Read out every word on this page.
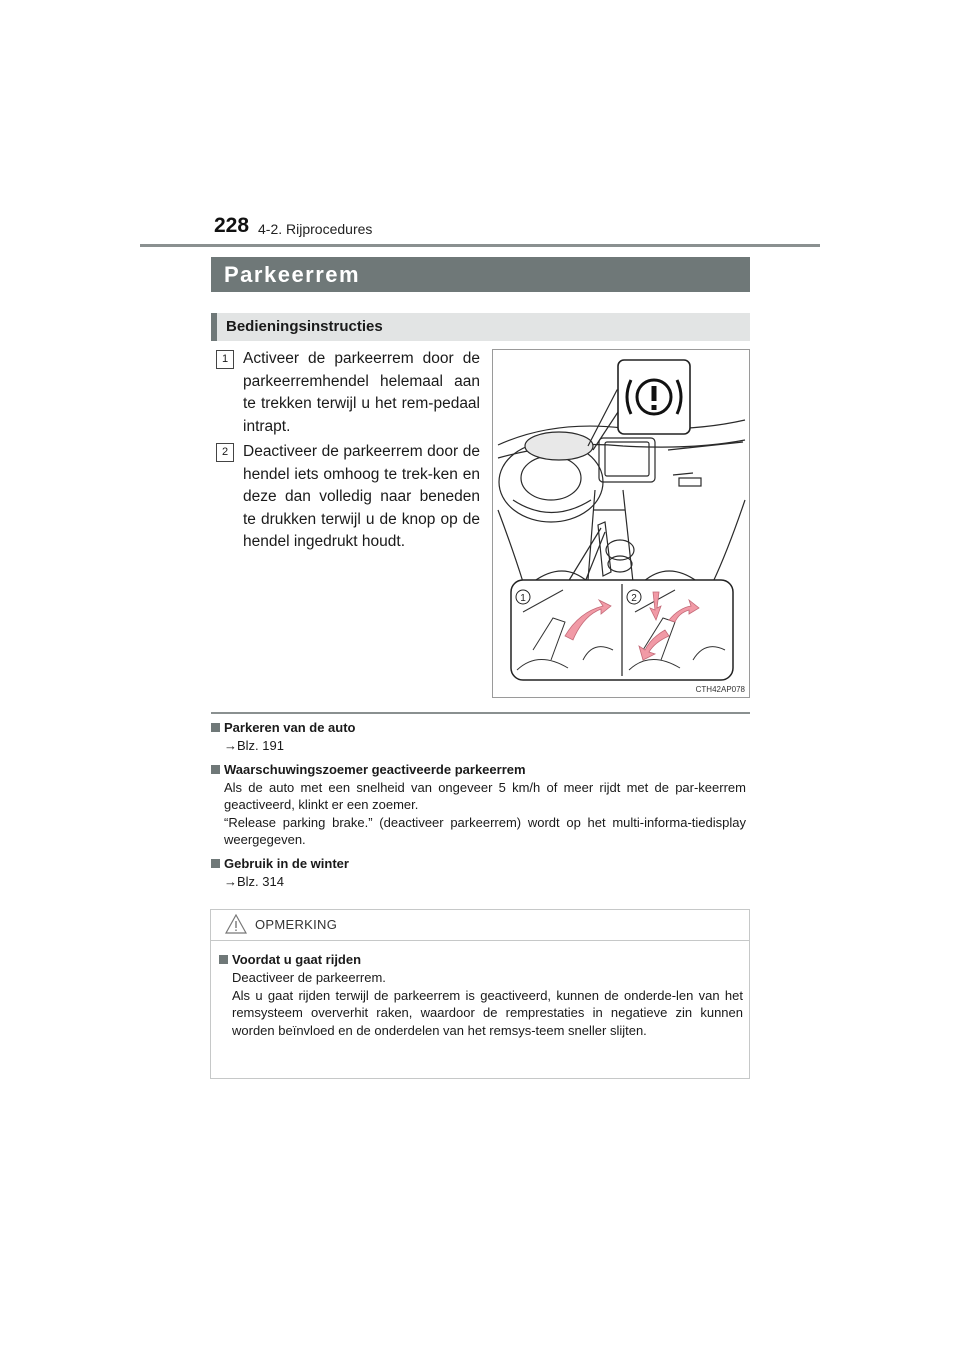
228 4-2. Rijprocedures
Parkeerrem
Bedieningsinstructies
1 Activeer de parkeerrem door de parkeerremhendel helemaal aan te trekken terwijl u het rem-pedaal intrapt.
2 Deactiveer de parkeerrem door de hendel iets omhoog te trek-ken en deze dan volledig naar beneden te drukken terwijl u de knop op de hendel ingedrukt houdt.
1	2
CTH42AP078
Parkeren van de auto
→Blz. 191
Waarschuwingszoemer geactiveerde parkeerrem
Als de auto met een snelheid van ongeveer 5 km/h of meer rijdt met de par-keerrem geactiveerd, klinkt er een zoemer.
“Release parking brake.” (deactiveer parkeerrem) wordt op het multi-informa-tiedisplay weergegeven.
Gebruik in de winter
→Blz. 314
OPMERKING
Voordat u gaat rijden
Deactiveer de parkeerrem.
Als u gaat rijden terwijl de parkeerrem is geactiveerd, kunnen de onderde-len van het remsysteem oververhit raken, waardoor de remprestaties in negatieve zin kunnen worden beïnvloed en de onderdelen van het remsys-teem sneller slijten.
